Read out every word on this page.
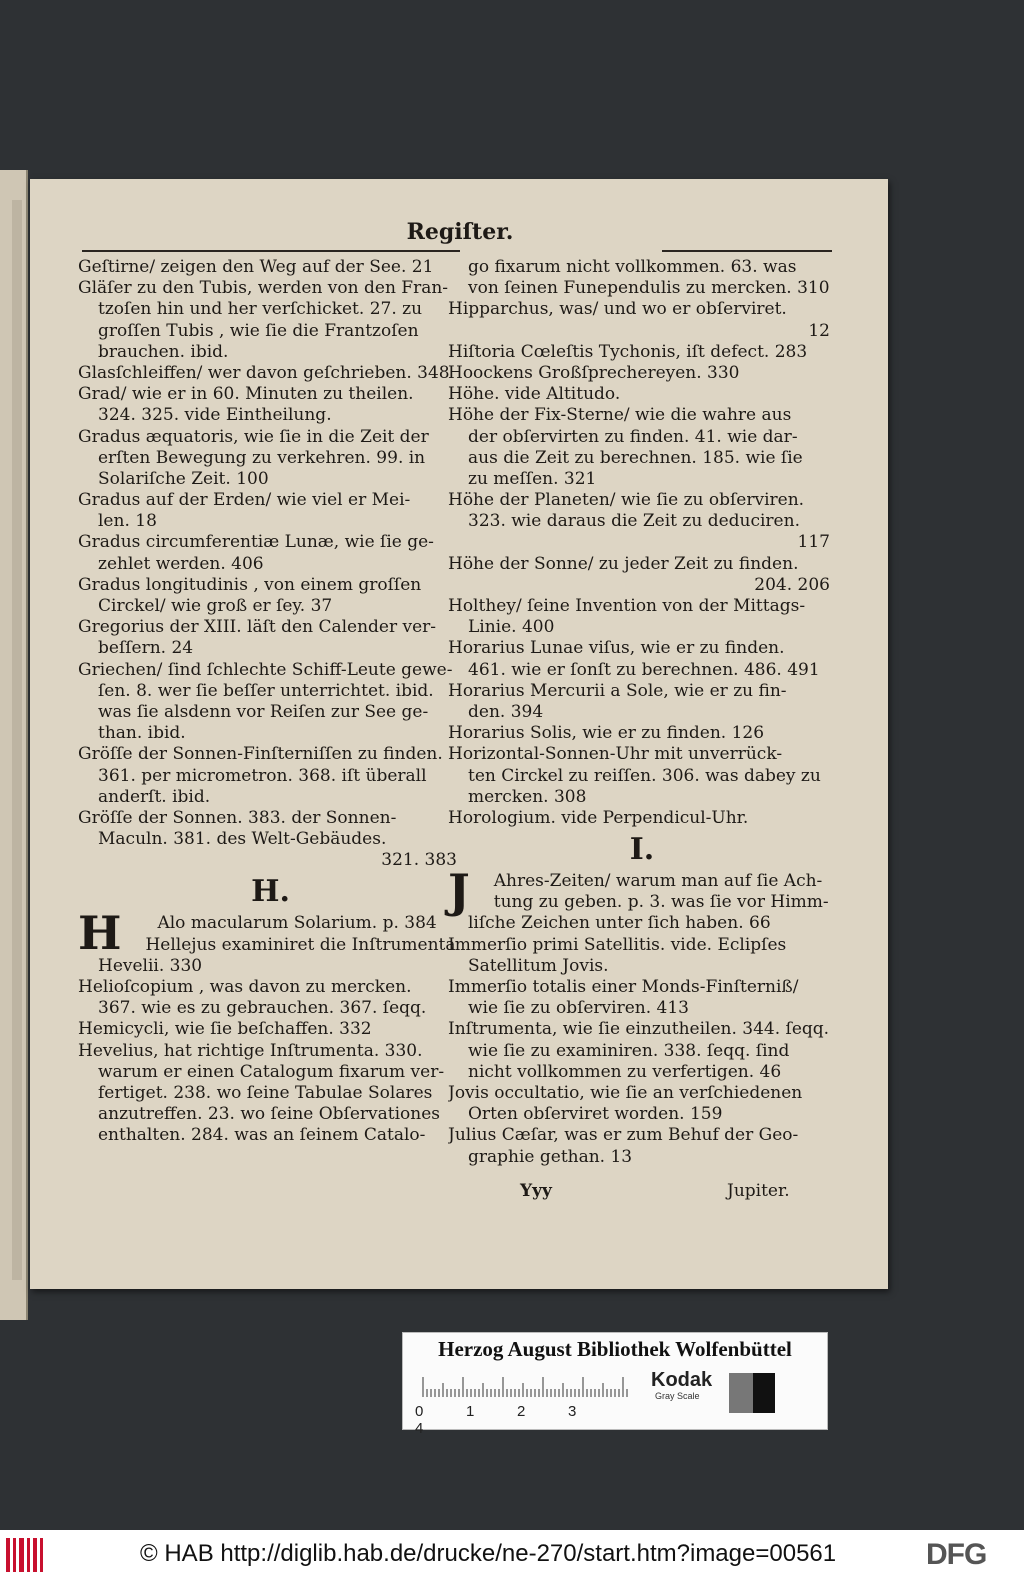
Regiſter.
Geſtirne/ zeigen den Weg auf der See. 21
Gläſer zu den Tubis, werden von den Fran-
tzoſen hin und her verſchicket. 27. zu
groſſen Tubis , wie ſie die Frantzoſen
brauchen. ibid.
Glasſchleiffen/ wer davon geſchrieben. 348
Grad/ wie er in 60. Minuten zu theilen.
324. 325. vide Eintheilung.
Gradus æquatoris, wie ſie in die Zeit der
erſten Bewegung zu verkehren. 99. in
Solariſche Zeit. 100
Gradus auf der Erden/ wie viel er Mei-
len. 18
Gradus circumferentiæ Lunæ, wie ſie ge-
zehlet werden. 406
Gradus longitudinis , von einem groſſen
Circkel/ wie groß er ſey. 37
Gregorius der XIII. läſt den Calender ver-
beſſern. 24
Griechen/ ſind ſchlechte Schiff-Leute gewe-
ſen. 8. wer ſie beſſer unterrichtet. ibid.
was ſie alsdenn vor Reiſen zur See ge-
than. ibid.
Gröſſe der Sonnen-Finſterniſſen zu finden.
361. per micrometron. 368. iſt überall
anderſt. ibid.
Gröſſe der Sonnen. 383. der Sonnen-
Maculn. 381. des Welt-Gebäudes.
321. 383
H.
H	Alo macularum Solarium. p. 384
Hellejus examiniret die Inſtrumenta
Hevelii. 330
Helioſcopium , was davon zu mercken.
367. wie es zu gebrauchen. 367. ſeqq.
Hemicycli, wie ſie beſchaffen. 332
Hevelius, hat richtige Inſtrumenta. 330.
warum er einen Catalogum fixarum ver-
fertiget. 238. wo ſeine Tabulae Solares
anzutreffen. 23. wo ſeine Obſervationes
enthalten. 284. was an ſeinem Catalo-
go fixarum nicht vollkommen. 63. was
von ſeinen Funependulis zu mercken. 310
Hipparchus, was/ und wo er obſerviret.
12
Hiſtoria Cœleſtis Tychonis, iſt defect. 283
Hoockens Großſprechereyen. 330
Höhe. vide Altitudo.
Höhe der Fix-Sterne/ wie die wahre aus
der obſervirten zu finden. 41. wie dar-
aus die Zeit zu berechnen. 185. wie ſie
zu meſſen. 321
Höhe der Planeten/ wie ſie zu obſerviren.
323. wie daraus die Zeit zu deduciren.
117
Höhe der Sonne/ zu jeder Zeit zu finden.
204. 206
Holthey/ ſeine Invention von der Mittags-
Linie. 400
Horarius Lunae viſus, wie er zu finden.
461. wie er ſonſt zu berechnen. 486. 491
Horarius Mercurii a Sole, wie er zu fin-
den. 394
Horarius Solis, wie er zu finden. 126
Horizontal-Sonnen-Uhr mit unverrück-
ten Circkel zu reiſſen. 306. was dabey zu
mercken. 308
Horologium. vide Perpendicul-Uhr.
I.
J	Ahres-Zeiten/ warum man auf ſie Ach-
tung zu geben. p. 3. was ſie vor Himm-
liſche Zeichen unter ſich haben. 66
Immerſio primi Satellitis. vide. Eclipſes
Satellitum Jovis.
Immerſio totalis einer Monds-Finſterniß/
wie ſie zu obſerviren. 413
Inſtrumenta, wie ſie einzutheilen. 344. ſeqq.
wie ſie zu examiniren. 338. ſeqq. ſind
nicht vollkommen zu verfertigen. 46
Jovis occultatio, wie ſie an verſchiedenen
Orten obſerviret worden. 159
Julius Cæſar, was er zum Behuf der Geo-
graphie gethan. 13
Yyy	Jupiter.
Herzog August Bibliothek Wolfenbüttel
0	1	2	34
Kodak
Gray Scale
© HAB http://diglib.hab.de/drucke/ne-270/start.htm?image=00561	DFG
